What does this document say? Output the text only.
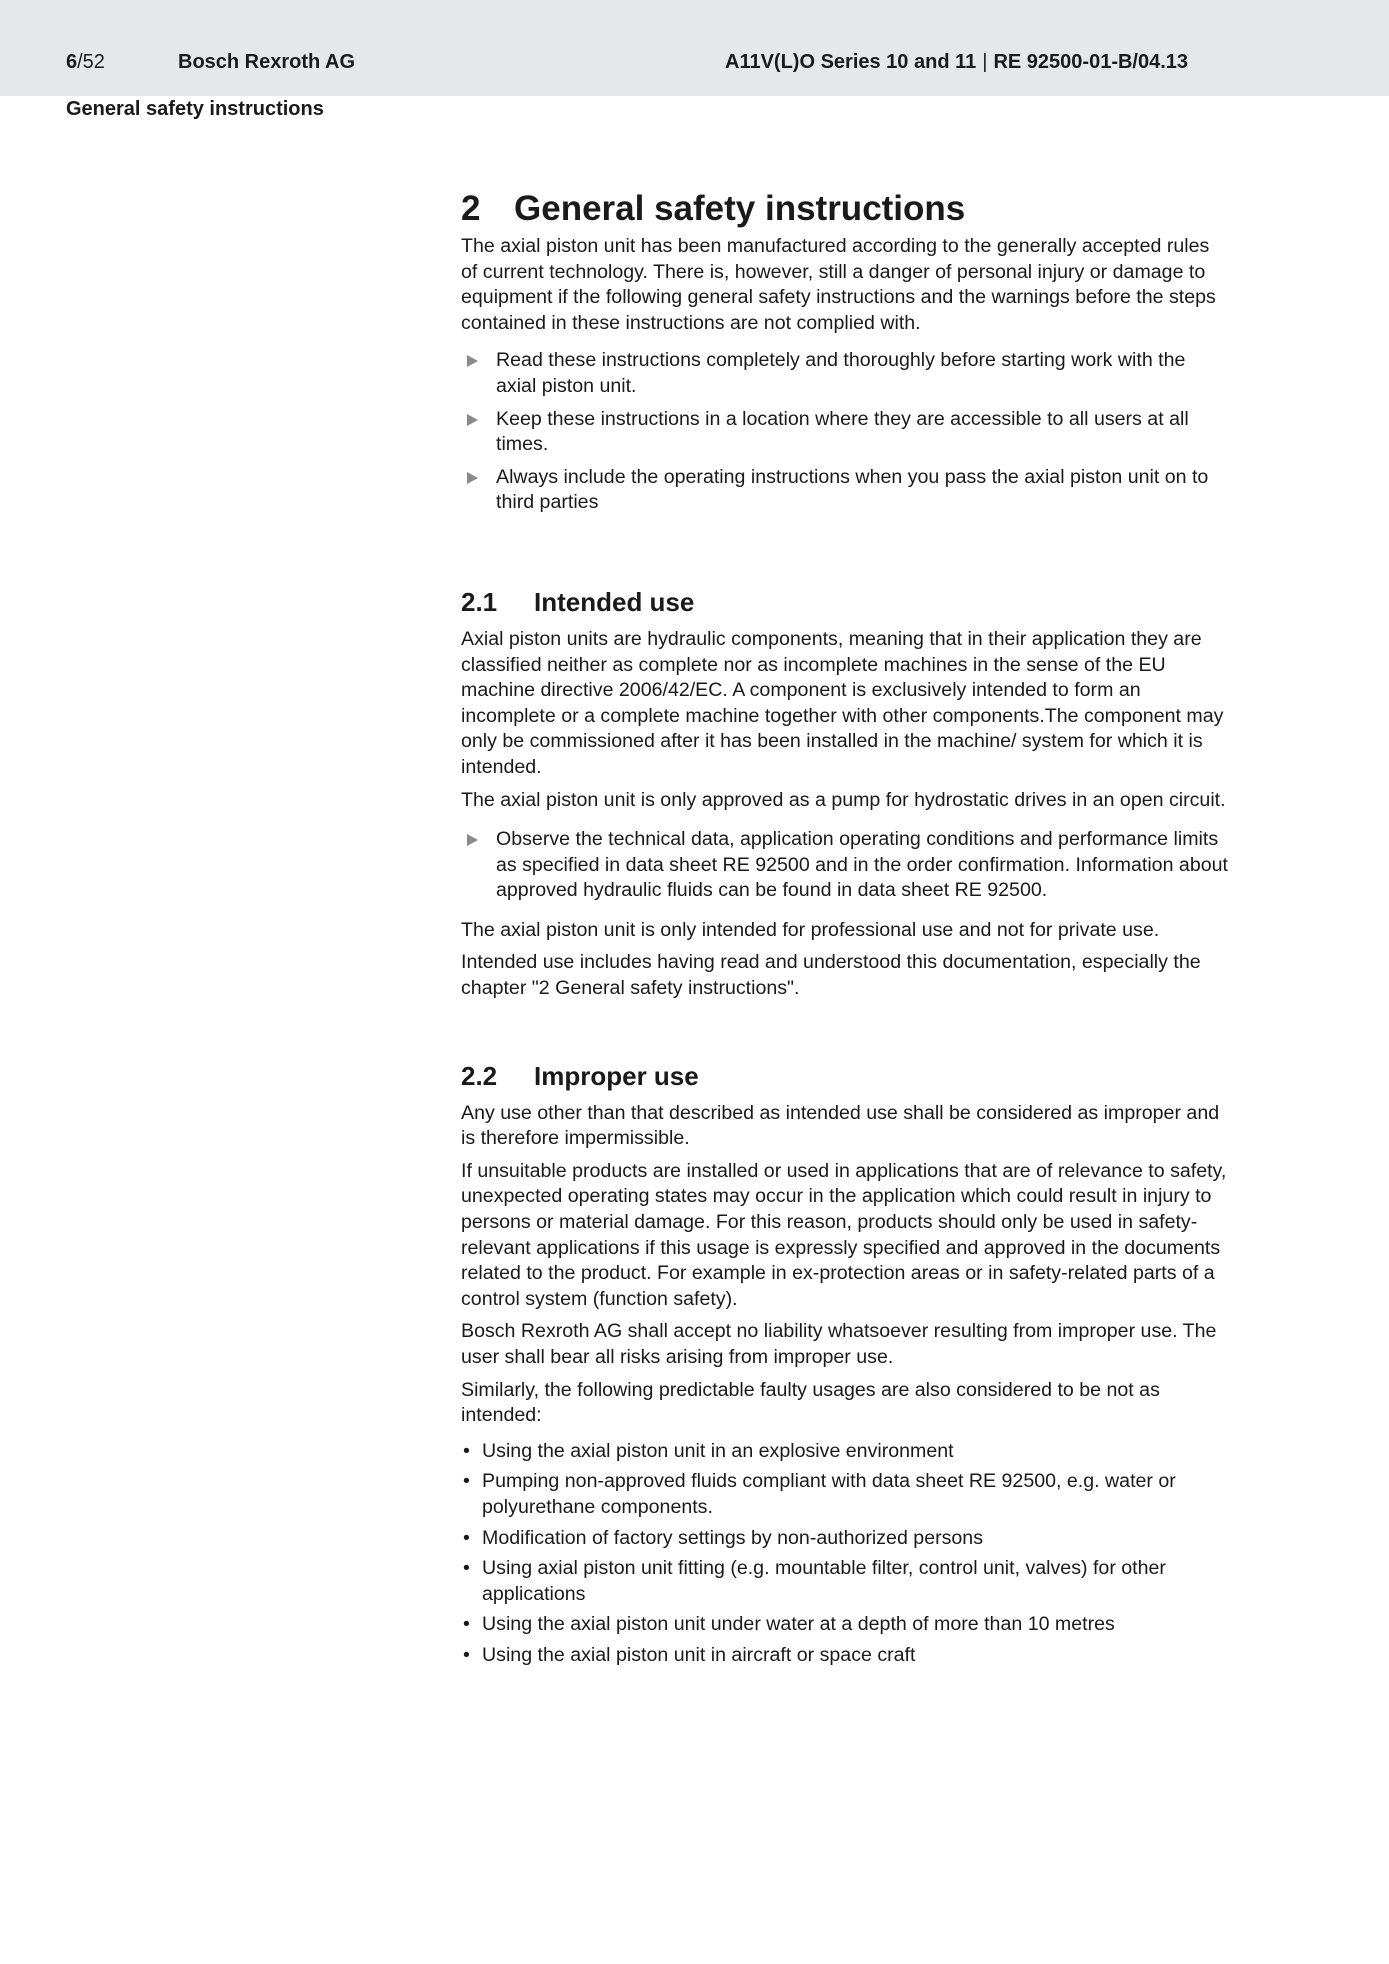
6/52	Bosch Rexroth AG	A11V(L)O Series 10 and 11 | RE 92500-01-B/04.13
General safety instructions
2 General safety instructions

The axial piston unit has been manufactured according to the generally accepted rules of current technology. There is, however, still a danger of personal injury or damage to equipment if the following general safety instructions and the warnings before the steps contained in these instructions are not complied with.

Read these instructions completely and thoroughly before starting work with the axial piston unit.
Keep these instructions in a location where they are accessible to all users at all times.
Always include the operating instructions when you pass the axial piston unit on to third parties
2.1	Intended use

Axial piston units are hydraulic components, meaning that in their application they are classified neither as complete nor as incomplete machines in the sense of the EU machine directive 2006/42/EC. A component is exclusively intended to form an incomplete or a complete machine together with other components.The component may only be commissioned after it has been installed in the machine/ system for which it is intended.

The axial piston unit is only approved as a pump for hydrostatic drives in an open circuit.

Observe the technical data, application operating conditions and performance limits as specified in data sheet RE 92500 and in the order confirmation. Information about approved hydraulic fluids can be found in data sheet RE 92500.

The axial piston unit is only intended for professional use and not for private use.

Intended use includes having read and understood this documentation, especially the chapter "2 General safety instructions".

2.2	Improper use

Any use other than that described as intended use shall be considered as improper and is therefore impermissible.

If unsuitable products are installed or used in applications that are of relevance to safety, unexpected operating states may occur in the application which could result in injury to persons or material damage. For this reason, products should only be used in safety-relevant applications if this usage is expressly specified and approved in the documents related to the product. For example in ex-protection areas or in safety-related parts of a control system (function safety).

Bosch Rexroth AG shall accept no liability whatsoever resulting from improper use. The user shall bear all risks arising from improper use.

Similarly, the following predictable faulty usages are also considered to be not as intended:

• Using the axial piston unit in an explosive environment
• Pumping non-approved fluids compliant with data sheet RE 92500, e.g. water or polyurethane components.
• Modification of factory settings by non-authorized persons
• Using axial piston unit fitting (e.g. mountable filter, control unit, valves) for other applications
• Using the axial piston unit under water at a depth of more than 10 metres
• Using the axial piston unit in aircraft or space craft
